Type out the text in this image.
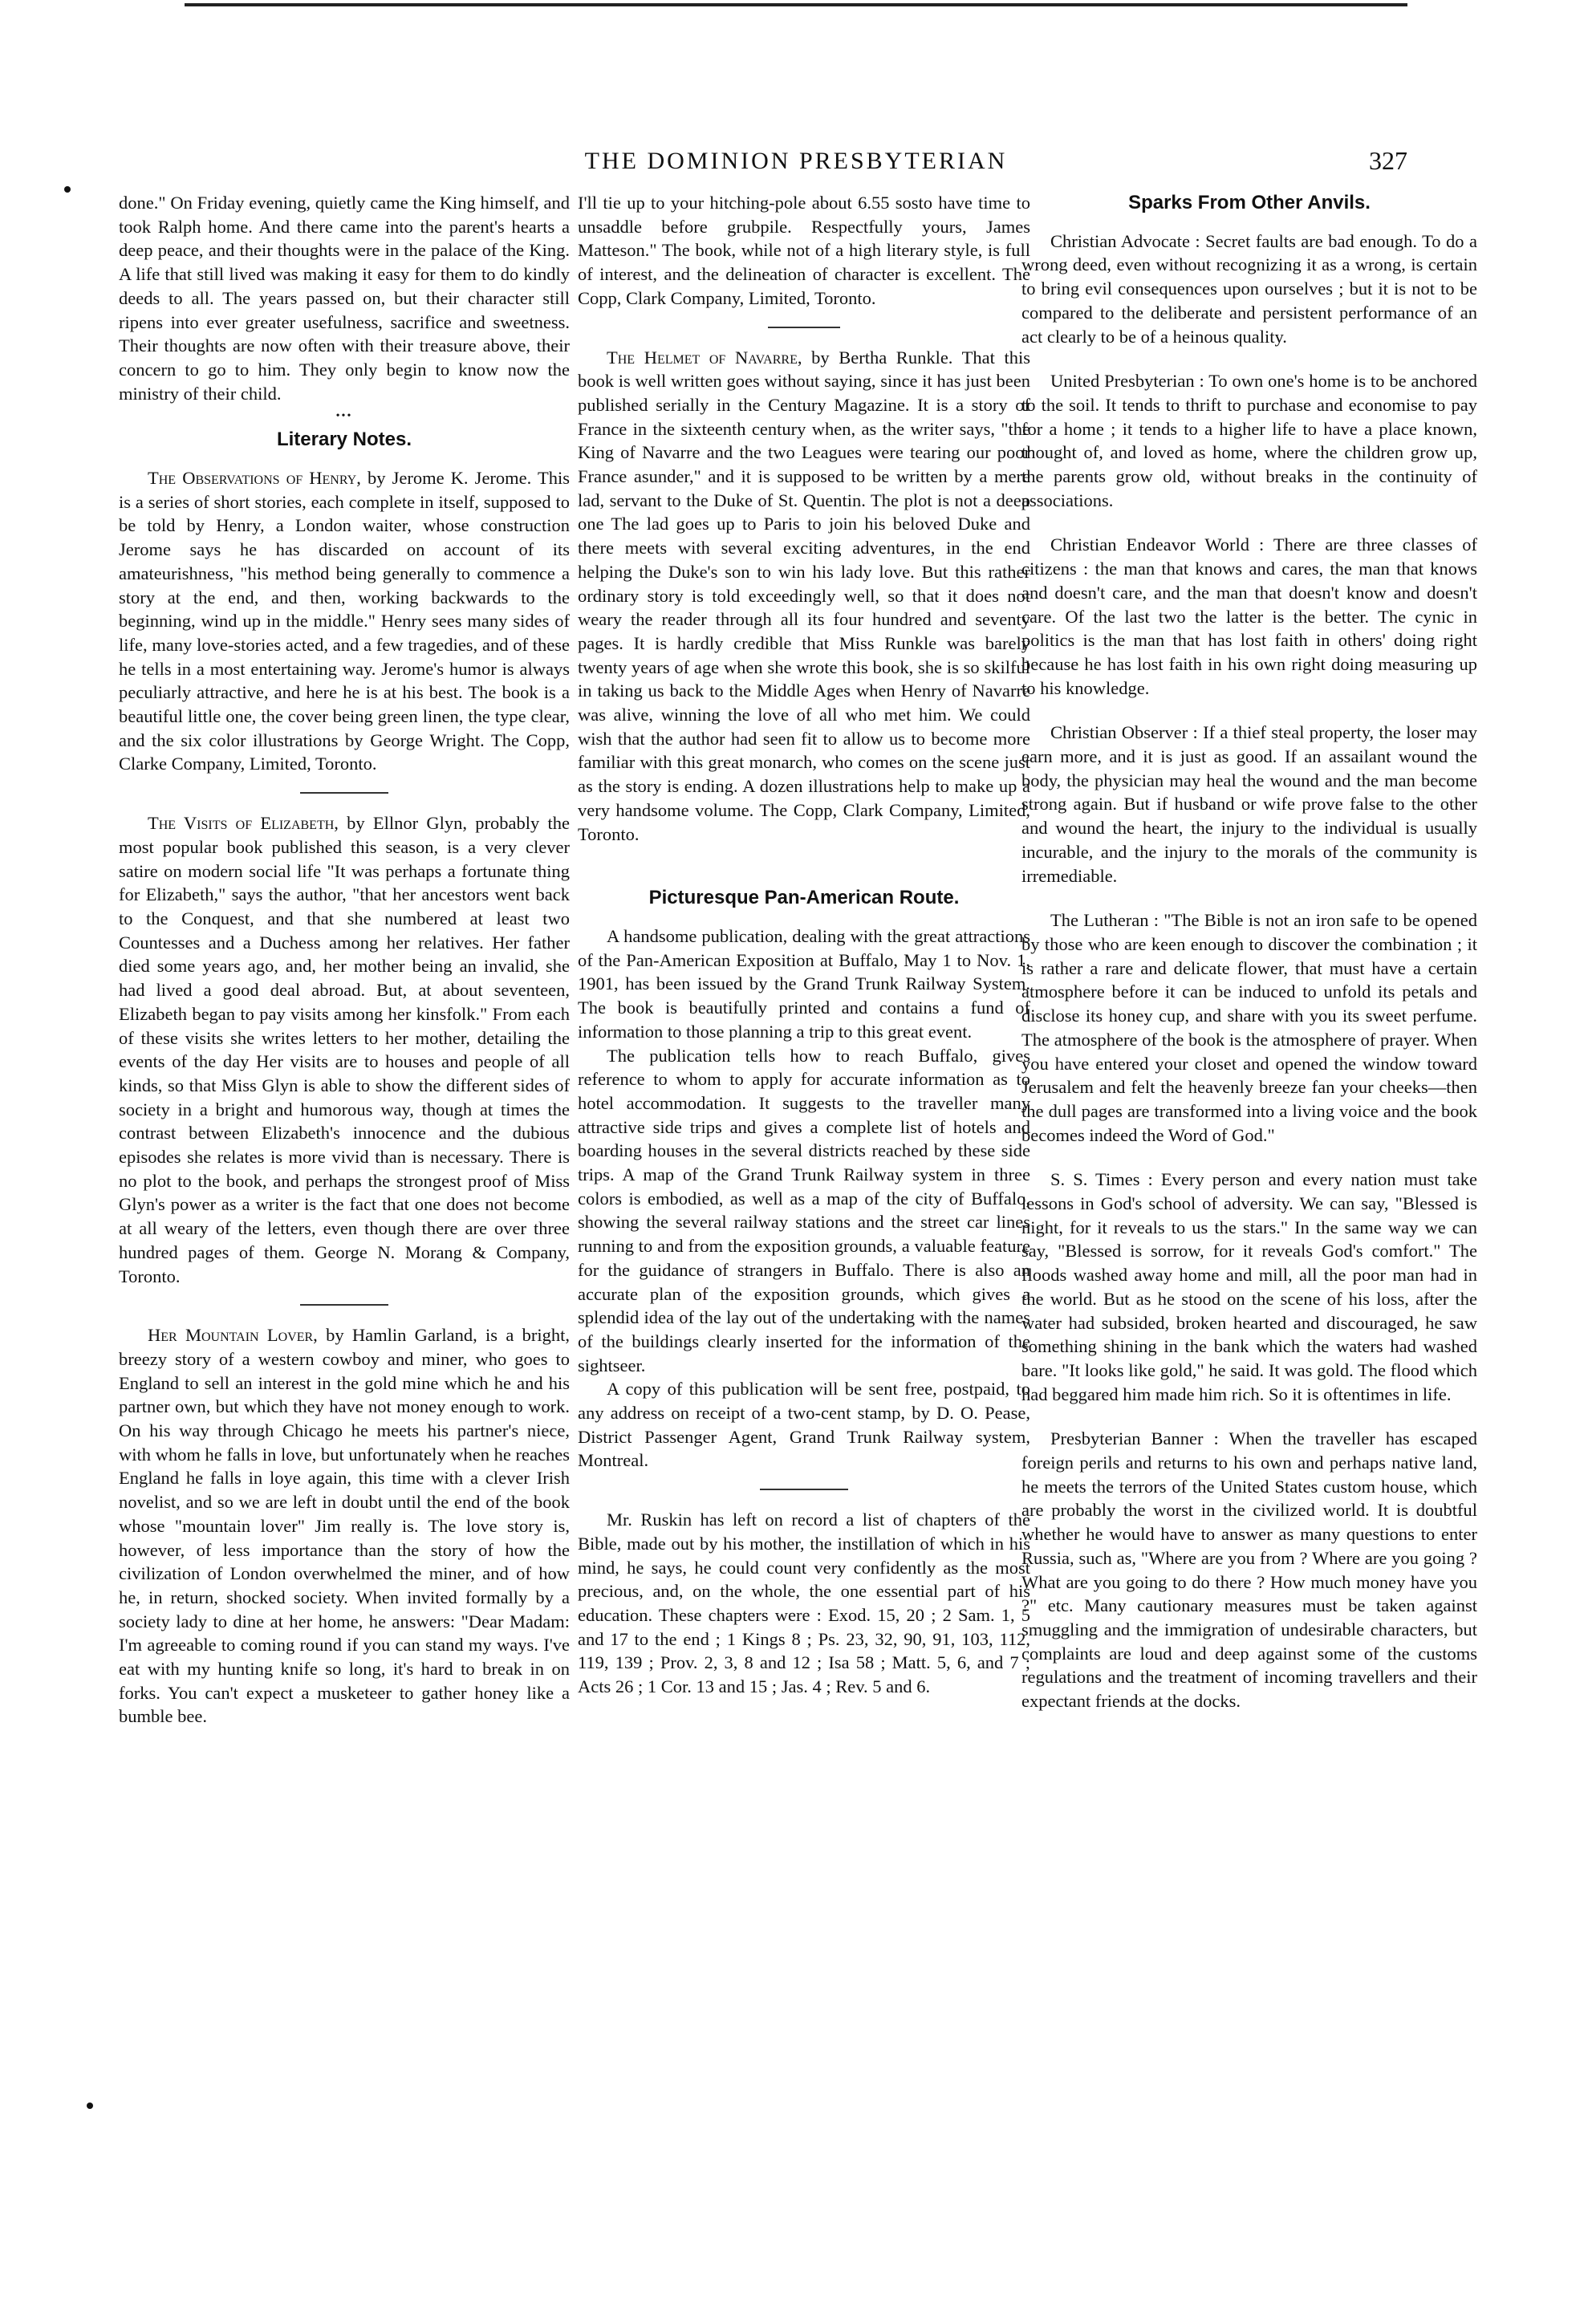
THE DOMINION PRESBYTERIAN	327

done." On Friday evening, quietly came the King himself, and took Ralph home. And there came into the parent's hearts a deep peace, and their thoughts were in the palace of the King. A life that still lived was making it easy for them to do kindly deeds to all. The years passed on, but their character still ripens into ever greater usefulness, sacrifice and sweetness. Their thoughts are now often with their treasure above, their concern to go to him. They only begin to know now the ministry of their child.

•••
Literary Notes.

The Observations of Henry, by Jerome K. Jerome. This is a series of short stories, each complete in itself, supposed to be told by Henry, a London waiter, whose construction Jerome says he has discarded on account of its amateurishness, "his method being generally to commence a story at the end, and then, working backwards to the beginning, wind up in the middle." Henry sees many sides of life, many love-stories acted, and a few tragedies, and of these he tells in a most entertaining way. Jerome's humor is always peculiarly attractive, and here he is at his best. The book is a beautiful little one, the cover being green linen, the type clear, and the six color illustrations by George Wright. The Copp, Clarke Company, Limited, Toronto.

The Visits of Elizabeth, by Ellnor Glyn, probably the most popular book published this season, is a very clever satire on modern social life "It was perhaps a fortunate thing for Elizabeth," says the author, "that her ancestors went back to the Conquest, and that she numbered at least two Countesses and a Duchess among her relatives. Her father died some years ago, and, her mother being an invalid, she had lived a good deal abroad. But, at about seventeen, Elizabeth began to pay visits among her kinsfolk." From each of these visits she writes letters to her mother, detailing the events of the day Her visits are to houses and people of all kinds, so that Miss Glyn is able to show the different sides of society in a bright and humorous way, though at times the contrast between Elizabeth's innocence and the dubious episodes she relates is more vivid than is necessary. There is no plot to the book, and perhaps the strongest proof of Miss Glyn's power as a writer is the fact that one does not become at all weary of the letters, even though there are over three hundred pages of them. George N. Morang & Company, Toronto.

Her Mountain Lover, by Hamlin Garland, is a bright, breezy story of a western cowboy and miner, who goes to England to sell an interest in the gold mine which he and his partner own, but which they have not money enough to work. On his way through Chicago he meets his partner's niece, with whom he falls in love, but unfortunately when he reaches England he falls in loye again, this time with a clever Irish novelist, and so we are left in doubt until the end of the book whose "mountain lover" Jim really is. The love story is, however, of less importance than the story of how the civilization of London overwhelmed the miner, and of how he, in return, shocked society. When invited formally by a society lady to dine at her home, he answers: "Dear Madam: I'm agreeable to coming round if you can stand my ways. I've eat with my hunting knife so long, it's hard to break in on forks. You can't expect a musketeer to gather honey like a bumble bee.

I'll tie up to your hitching-pole about 6.55 sosto have time to unsaddle before grubpile. Respectfully yours, James Matteson." The book, while not of a high literary style, is full of interest, and the delineation of character is excellent. The Copp, Clark Company, Limited, Toronto.

The Helmet of Navarre, by Bertha Runkle. That this book is well written goes without saying, since it has just been published serially in the Century Magazine. It is a story of France in the sixteenth century when, as the writer says, "the King of Navarre and the two Leagues were tearing our poor France asunder," and it is supposed to be written by a mere lad, servant to the Duke of St. Quentin. The plot is not a deep one The lad goes up to Paris to join his beloved Duke and there meets with several exciting adventures, in the end helping the Duke's son to win his lady love. But this rather ordinary story is told exceedingly well, so that it does not weary the reader through all its four hundred and seventy pages. It is hardly credible that Miss Runkle was barely twenty years of age when she wrote this book, she is so skilful in taking us back to the Middle Ages when Henry of Navarre was alive, winning the love of all who met him. We could wish that the author had seen fit to allow us to become more familiar with this great monarch, who comes on the scene just as the story is ending. A dozen illustrations help to make up a very handsome volume. The Copp, Clark Company, Limited, Toronto.

Picturesque Pan-American Route.

A handsome publication, dealing with the great attractions of the Pan-American Exposition at Buffalo, May 1 to Nov. 1, 1901, has been issued by the Grand Trunk Railway System. The book is beautifully printed and contains a fund of information to those planning a trip to this great event.

The publication tells how to reach Buffalo, gives reference to whom to apply for accurate information as to hotel accommodation. It suggests to the traveller many attractive side trips and gives a complete list of hotels and boarding houses in the several districts reached by these side trips. A map of the Grand Trunk Railway system in three colors is embodied, as well as a map of the city of Buffalo, showing the several railway stations and the street car lines running to and from the exposition grounds, a valuable feature for the guidance of strangers in Buffalo. There is also an accurate plan of the exposition grounds, which gives a splendid idea of the lay out of the undertaking with the names of the buildings clearly inserted for the information of the sightseer.

A copy of this publication will be sent free, postpaid, to any address on receipt of a two-cent stamp, by D. O. Pease, District Passenger Agent, Grand Trunk Railway system, Montreal.

Mr. Ruskin has left on record a list of chapters of the Bible, made out by his mother, the instillation of which in his mind, he says, he could count very confidently as the most precious, and, on the whole, the one essential part of his education. These chapters were : Exod. 15, 20 ; 2 Sam. 1, 5 and 17 to the end ; 1 Kings 8 ; Ps. 23, 32, 90, 91, 103, 112, 119, 139 ; Prov. 2, 3, 8 and 12 ; Isa 58 ; Matt. 5, 6, and 7 ; Acts 26 ; 1 Cor. 13 and 15 ; Jas. 4 ; Rev. 5 and 6.

Sparks From Other Anvils.

Christian Advocate : Secret faults are bad enough. To do a wrong deed, even without recognizing it as a wrong, is certain to bring evil consequences upon ourselves ; but it is not to be compared to the deliberate and persistent performance of an act clearly to be of a heinous quality.

United Presbyterian : To own one's home is to be anchored to the soil. It tends to thrift to purchase and economise to pay for a home ; it tends to a higher life to have a place known, thought of, and loved as home, where the children grow up, the parents grow old, without breaks in the continuity of associations.

Christian Endeavor World : There are three classes of citizens : the man that knows and cares, the man that knows and doesn't care, and the man that doesn't know and doesn't care. Of the last two the latter is the better. The cynic in politics is the man that has lost faith in others' doing right because he has lost faith in his own right doing measuring up to his knowledge.

Christian Observer : If a thief steal property, the loser may earn more, and it is just as good. If an assailant wound the body, the physician may heal the wound and the man become strong again. But if husband or wife prove false to the other and wound the heart, the injury to the individual is usually incurable, and the injury to the morals of the community is irremediable.

The Lutheran : "The Bible is not an iron safe to be opened by those who are keen enough to discover the combination ; it is rather a rare and delicate flower, that must have a certain atmosphere before it can be induced to unfold its petals and disclose its honey cup, and share with you its sweet perfume. The atmosphere of the book is the atmosphere of prayer. When you have entered your closet and opened the window toward Jerusalem and felt the heavenly breeze fan your cheeks—then the dull pages are transformed into a living voice and the book becomes indeed the Word of God."

S. S. Times : Every person and every nation must take lessons in God's school of adversity. We can say, "Blessed is night, for it reveals to us the stars." In the same way we can say, "Blessed is sorrow, for it reveals God's comfort." The floods washed away home and mill, all the poor man had in the world. But as he stood on the scene of his loss, after the water had subsided, broken hearted and discouraged, he saw something shining in the bank which the waters had washed bare. "It looks like gold," he said. It was gold. The flood which had beggared him made him rich. So it is oftentimes in life.

Presbyterian Banner : When the traveller has escaped foreign perils and returns to his own and perhaps native land, he meets the terrors of the United States custom house, which are probably the worst in the civilized world. It is doubtful whether he would have to answer as many questions to enter Russia, such as, "Where are you from ? Where are you going ? What are you going to do there ? How much money have you ?" etc. Many cautionary measures must be taken against smuggling and the immigration of undesirable characters, but complaints are loud and deep against some of the customs regulations and the treatment of incoming travellers and their expectant friends at the docks.
